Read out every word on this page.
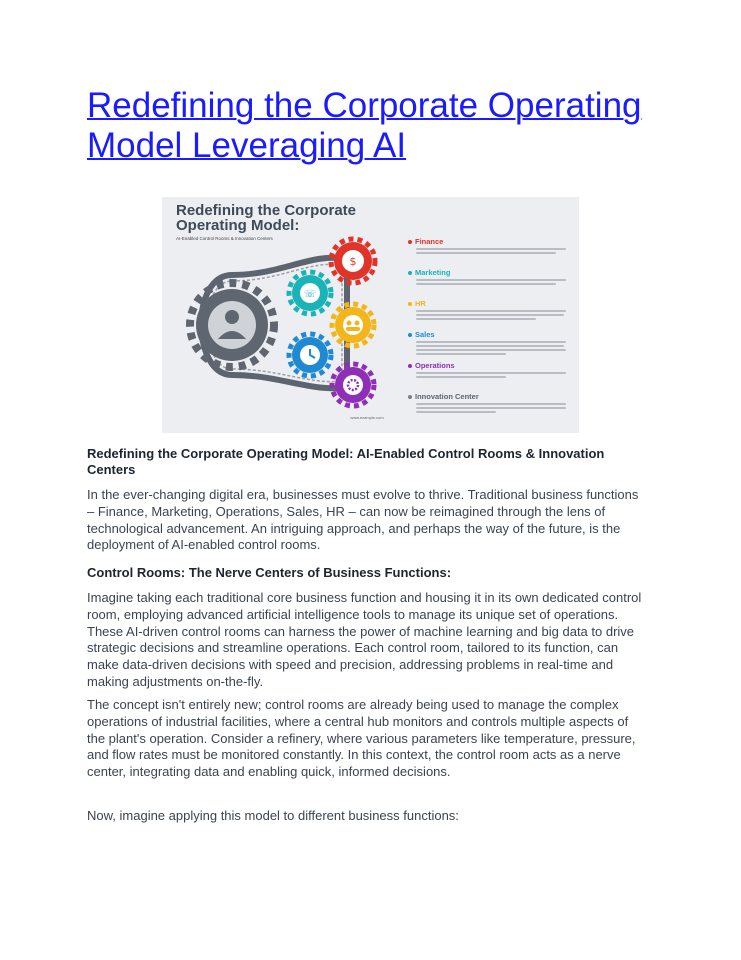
Redefining the Corporate Operating Model Leveraging AI
$
☏
Redefining the Corporate Operating Model:
AI-Enabled Control Rooms & Innovation Centers	Finance
Marketing
HR
Sales
Operations
Innovation Center
www.example.com
Redefining the Corporate Operating Model: AI-Enabled Control Rooms & Innovation Centers

In the ever-changing digital era, businesses must evolve to thrive. Traditional business functions – Finance, Marketing, Operations, Sales, HR – can now be reimagined through the lens of technological advancement. An intriguing approach, and perhaps the way of the future, is the deployment of AI-enabled control rooms.

Control Rooms: The Nerve Centers of Business Functions:

Imagine taking each traditional core business function and housing it in its own dedicated control room, employing advanced artificial intelligence tools to manage its unique set of operations. These AI-driven control rooms can harness the power of machine learning and big data to drive strategic decisions and streamline operations. Each control room, tailored to its function, can make data-driven decisions with speed and precision, addressing problems in real-time and making adjustments on-the-fly.

The concept isn't entirely new; control rooms are already being used to manage the complex operations of industrial facilities, where a central hub monitors and controls multiple aspects of the plant's operation. Consider a refinery, where various parameters like temperature, pressure, and flow rates must be monitored constantly. In this context, the control room acts as a nerve center, integrating data and enabling quick, informed decisions.

Now, imagine applying this model to different business functions:
